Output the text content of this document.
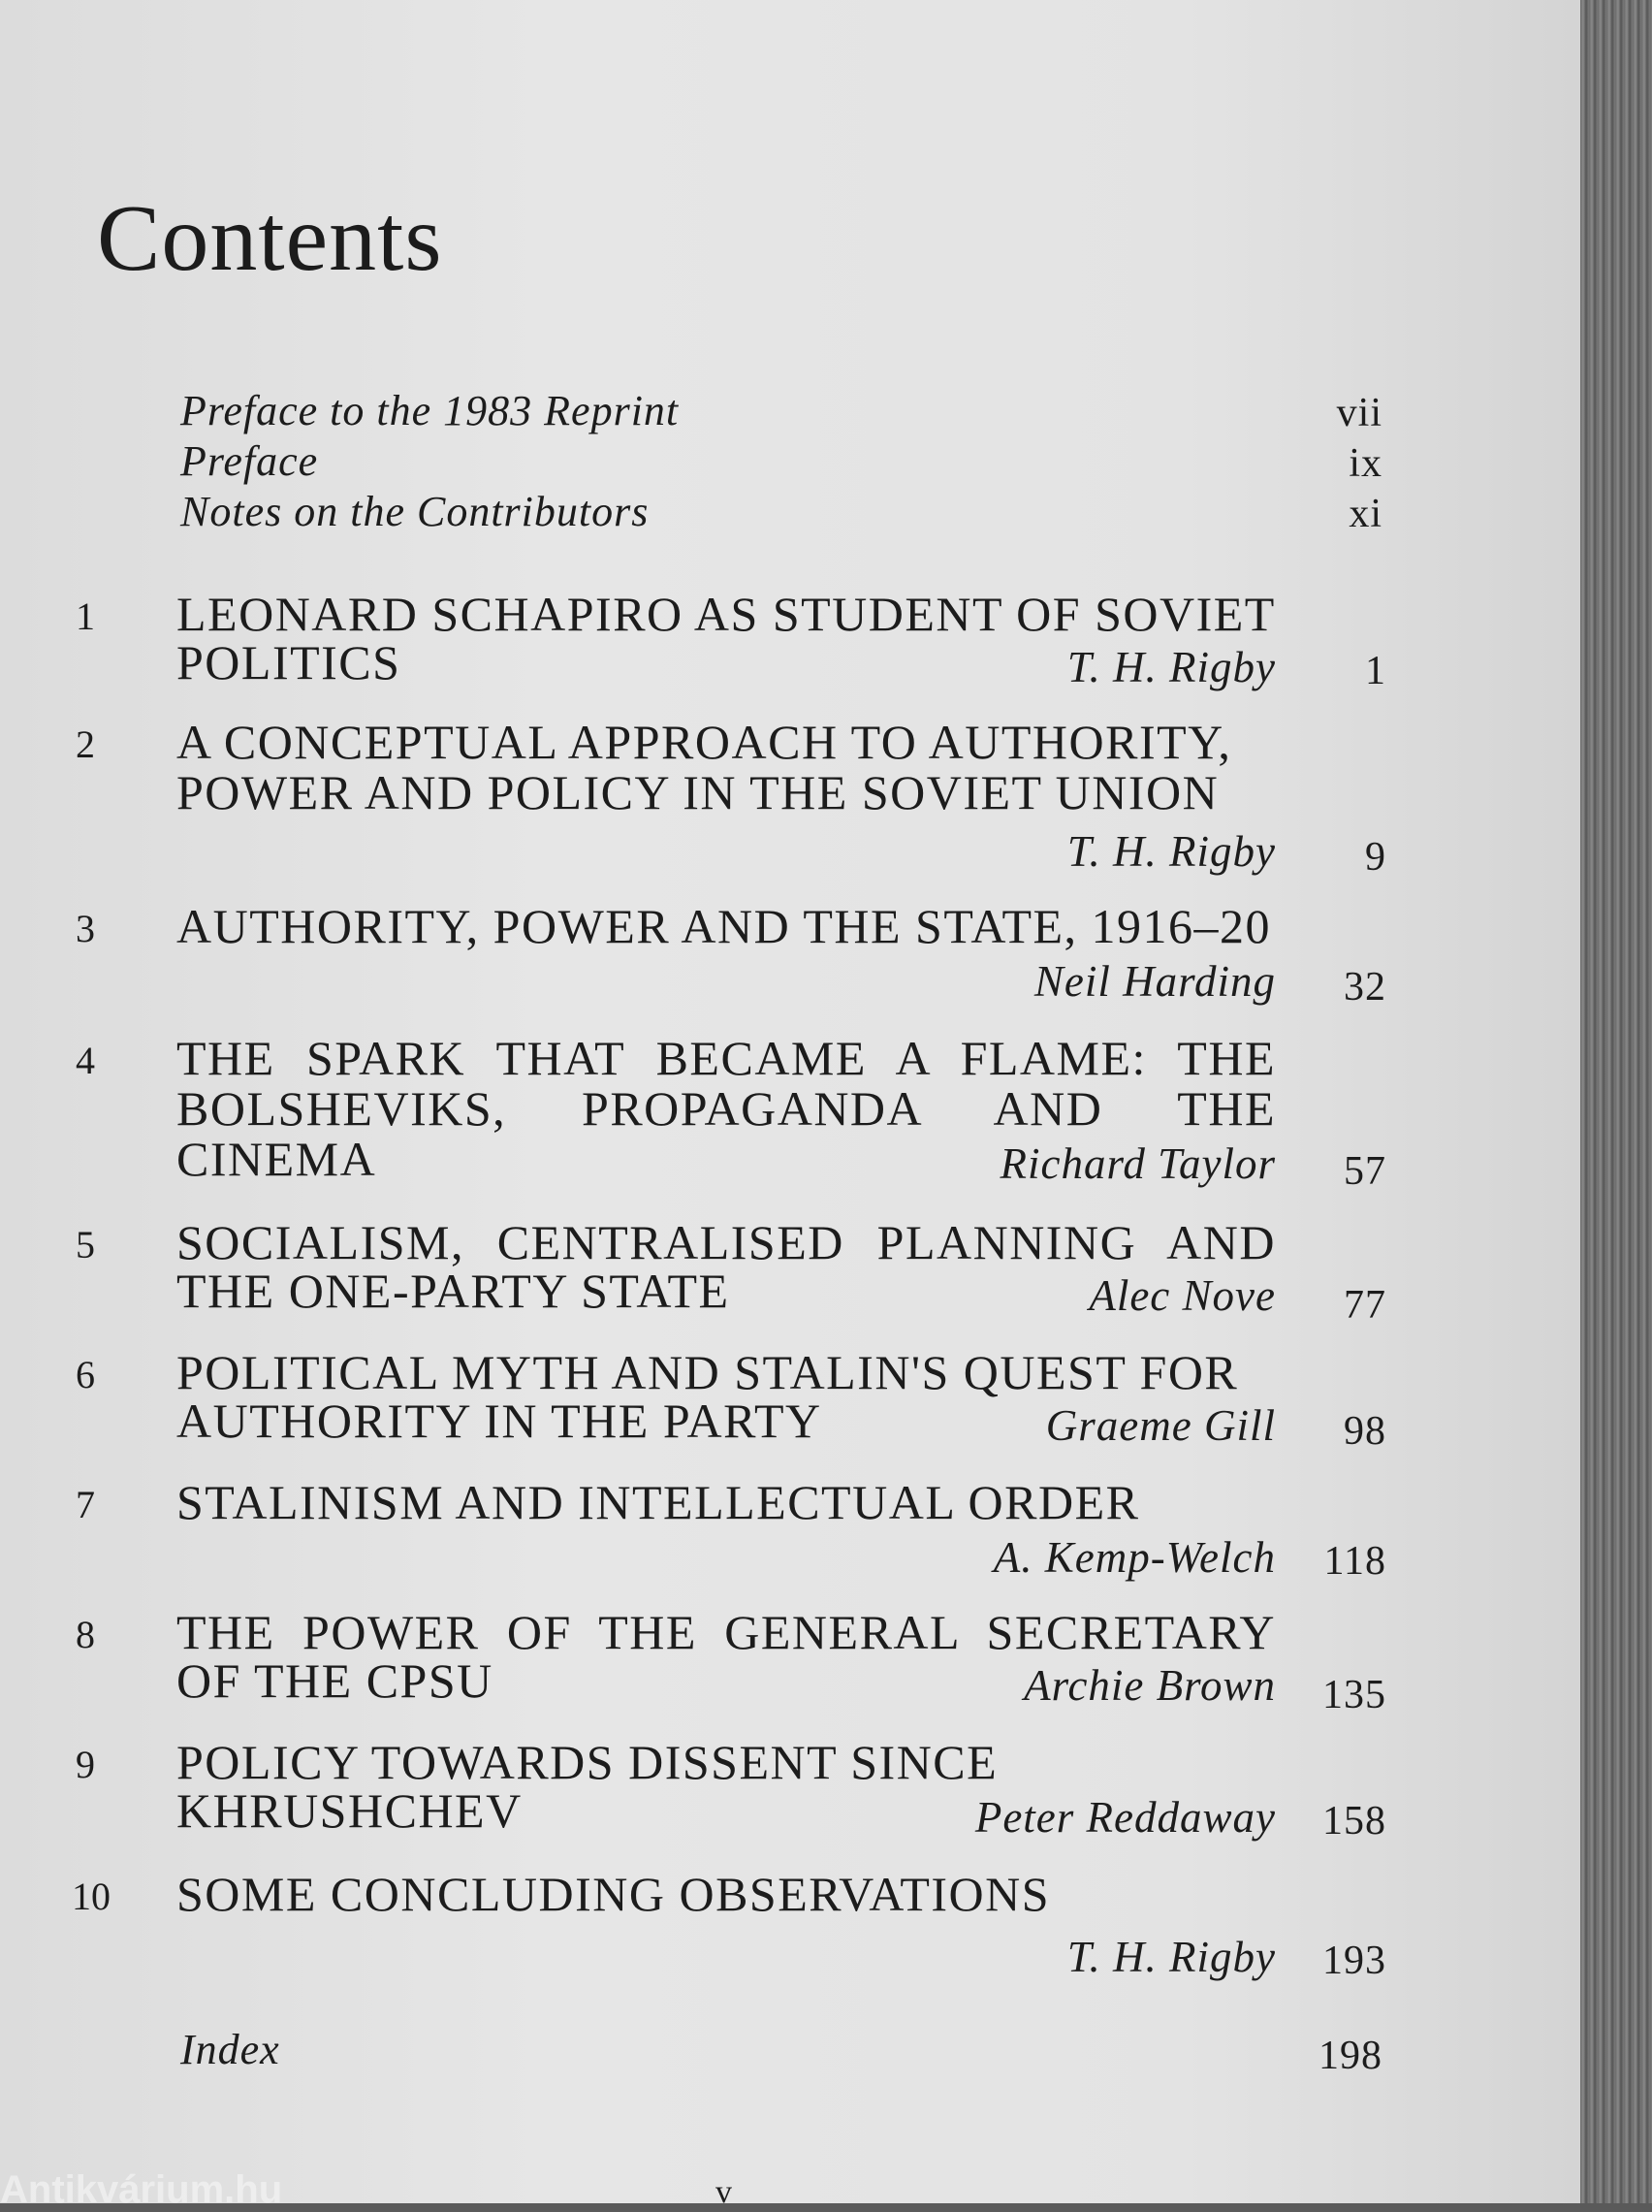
Contents
Preface to the 1983 Reprint	vii
Preface	ix
Notes on the Contributors	xi
1	LEONARD SCHAPIRO AS STUDENT OF SOVIET
POLITICS	T. H. Rigby	1
2	A CONCEPTUAL APPROACH TO AUTHORITY,
POWER AND POLICY IN THE SOVIET UNION
T. H. Rigby	9
3	AUTHORITY, POWER AND THE STATE, 1916–20
Neil Harding	32
4	THE SPARK THAT BECAME A FLAME: THE
BOLSHEVIKS, PROPAGANDA AND THE
CINEMA	Richard Taylor	57
5	SOCIALISM, CENTRALISED PLANNING AND
THE ONE-PARTY STATE	Alec Nove	77
6	POLITICAL MYTH AND STALIN'S QUEST FOR
AUTHORITY IN THE PARTY	Graeme Gill	98
7	STALINISM AND INTELLECTUAL ORDER
A. Kemp-Welch	118
8	THE POWER OF THE GENERAL SECRETARY
OF THE CPSU	Archie Brown	135
9	POLICY TOWARDS DISSENT SINCE
KHRUSHCHEV	Peter Reddaway	158
10 SOME CONCLUDING OBSERVATIONS
T. H. Rigby	193
Index	198
v
Antikvárium.hu
